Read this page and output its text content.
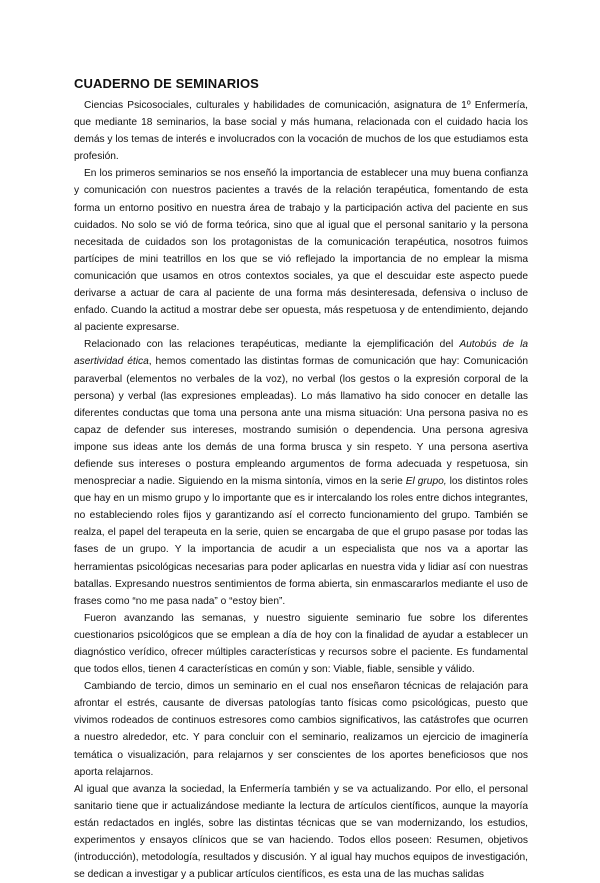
CUADERNO DE SEMINARIOS

Ciencias Psicosociales, culturales y habilidades de comunicación, asignatura de 1º Enfermería, que mediante 18 seminarios, la base social y más humana, relacionada con el cuidado hacia los demás y los temas de interés e involucrados con la vocación de muchos de los que estudiamos esta profesión.

En los primeros seminarios se nos enseñó la importancia de establecer una muy buena confianza y comunicación con nuestros pacientes a través de la relación terapéutica, fomentando de esta forma un entorno positivo en nuestra área de trabajo y la participación activa del paciente en sus cuidados. No solo se vió de forma teórica, sino que al igual que el personal sanitario y la persona necesitada de cuidados son los protagonistas de la comunicación terapéutica, nosotros fuimos partícipes de mini teatrillos en los que se vió reflejado la importancia de no emplear la misma comunicación que usamos en otros contextos sociales, ya que el descuidar este aspecto puede derivarse a actuar de cara al paciente de una forma más desinteresada, defensiva o incluso de enfado. Cuando la actitud a mostrar debe ser opuesta, más respetuosa y de entendimiento, dejando al paciente expresarse.

Relacionado con las relaciones terapéuticas, mediante la ejemplificación del Autobús de la asertividad ética, hemos comentado las distintas formas de comunicación que hay: Comunicación paraverbal (elementos no verbales de la voz), no verbal (los gestos o la expresión corporal de la persona) y verbal (las expresiones empleadas). Lo más llamativo ha sido conocer en detalle las diferentes conductas que toma una persona ante una misma situación: Una persona pasiva no es capaz de defender sus intereses, mostrando sumisión o dependencia. Una persona agresiva impone sus ideas ante los demás de una forma brusca y sin respeto. Y una persona asertiva defiende sus intereses o postura empleando argumentos de forma adecuada y respetuosa, sin menospreciar a nadie. Siguiendo en la misma sintonía, vimos en la serie El grupo, los distintos roles que hay en un mismo grupo y lo importante que es ir intercalando los roles entre dichos integrantes, no estableciendo roles fijos y garantizando así el correcto funcionamiento del grupo. También se realza, el papel del terapeuta en la serie, quien se encargaba de que el grupo pasase por todas las fases de un grupo. Y la importancia de acudir a un especialista que nos va a aportar las herramientas psicológicas necesarias para poder aplicarlas en nuestra vida y lidiar así con nuestras batallas. Expresando nuestros sentimientos de forma abierta, sin enmascararlos mediante el uso de frases como “no me pasa nada” o “estoy bien”.

Fueron avanzando las semanas, y nuestro siguiente seminario fue sobre los diferentes cuestionarios psicológicos que se emplean a día de hoy con la finalidad de ayudar a establecer un diagnóstico verídico, ofrecer múltiples características y recursos sobre el paciente. Es fundamental que todos ellos, tienen 4 características en común y son: Viable, fiable, sensible y válido.

Cambiando de tercio, dimos un seminario en el cual nos enseñaron técnicas de relajación para afrontar el estrés, causante de diversas patologías tanto físicas como psicológicas, puesto que vivimos rodeados de continuos estresores como cambios significativos, las catástrofes que ocurren a nuestro alrededor, etc. Y para concluir con el seminario, realizamos un ejercicio de imaginería temática o visualización, para relajarnos y ser conscientes de los aportes beneficiosos que nos aporta relajarnos.

Al igual que avanza la sociedad, la Enfermería también y se va actualizando. Por ello, el personal sanitario tiene que ir actualizándose mediante la lectura de artículos científicos, aunque la mayoría están redactados en inglés, sobre las distintas técnicas que se van modernizando, los estudios, experimentos y ensayos clínicos que se van haciendo. Todos ellos poseen: Resumen, objetivos (introducción), metodología, resultados y discusión. Y al igual hay muchos equipos de investigación, se dedican a investigar y a publicar artículos científicos, es esta una de las muchas salidas
